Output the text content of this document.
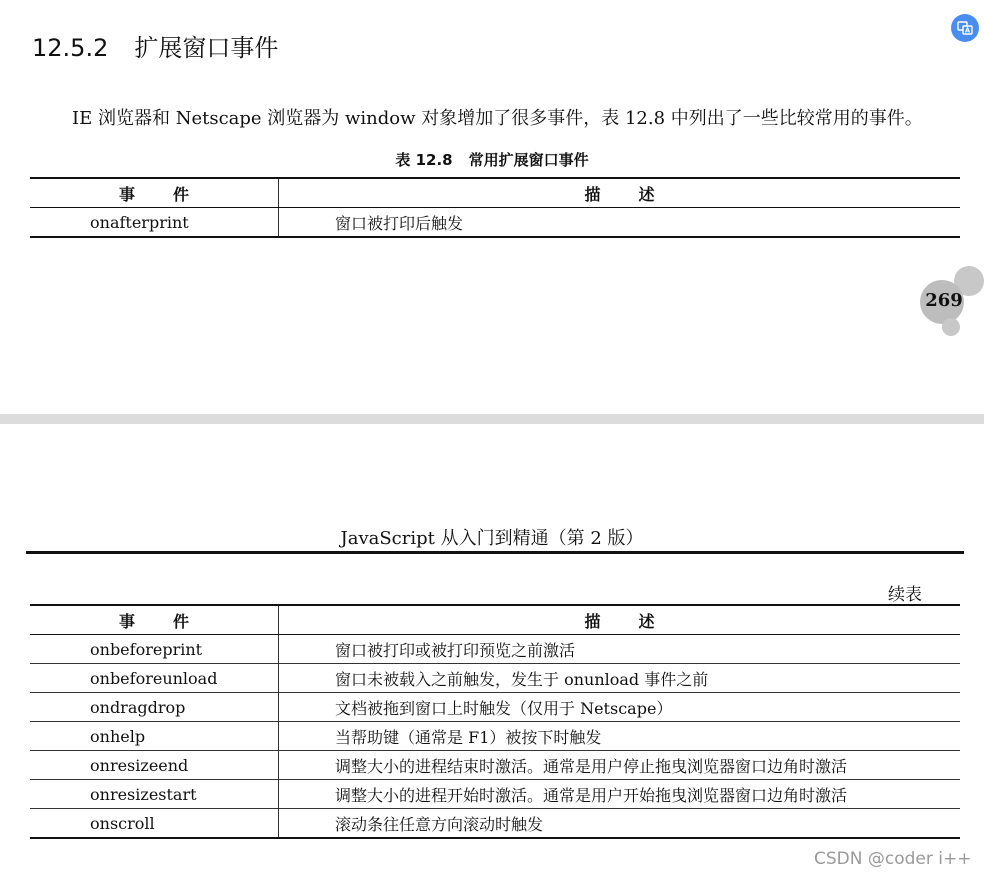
12.5.2 扩展窗口事件
IE 浏览器和 Netscape 浏览器为 window 对象增加了很多事件，表 12.8 中列出了一些比较常用的事件。
表 12.8 常用扩展窗口事件
事件	描述
onafterprint	窗口被打印后触发
269
JavaScript 从入门到精通（第 2 版）
续表
事件	描述
onbeforeprint	窗口被打印或被打印预览之前激活
onbeforeunload	窗口未被载入之前触发，发生于 onunload 事件之前
ondragdrop	文档被拖到窗口上时触发（仅用于 Netscape）
onhelp	当帮助键（通常是 F1）被按下时触发
onresizeend	调整大小的进程结束时激活。通常是用户停止拖曳浏览器窗口边角时激活
onresizestart	调整大小的进程开始时激活。通常是用户开始拖曳浏览器窗口边角时激活
onscroll	滚动条往任意方向滚动时触发
CSDN @coder i++
